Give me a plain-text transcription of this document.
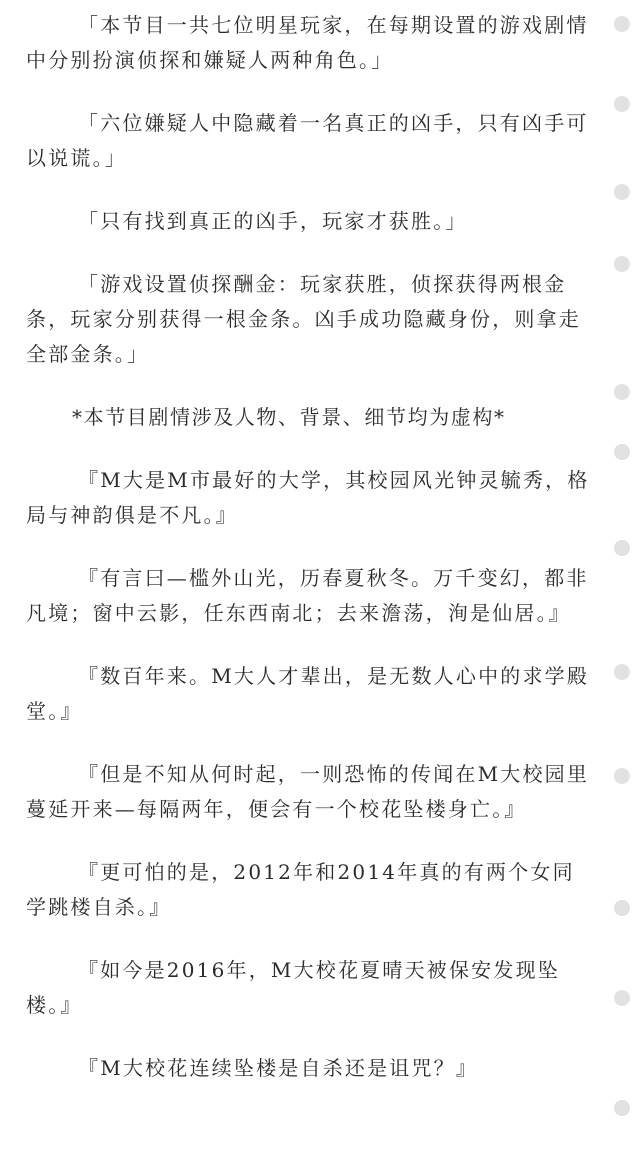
「本节目一共七位明星玩家，在每期设置的游戏剧情中分别扮演侦探和嫌疑人两种角色。」

「六位嫌疑人中隐藏着一名真正的凶手，只有凶手可以说谎。」

「只有找到真正的凶手，玩家才获胜。」

「游戏设置侦探酬金：玩家获胜，侦探获得两根金条，玩家分别获得一根金条。凶手成功隐藏身份，则拿走全部金条。」

*本节目剧情涉及人物、背景、细节均为虚构*

『M大是M市最好的大学，其校园风光钟灵毓秀，格局与神韵俱是不凡。』

『有言曰—槛外山光，历春夏秋冬。万千变幻，都非凡境；窗中云影，任东西南北；去来澹荡，洵是仙居。』

『数百年来。M大人才辈出，是无数人心中的求学殿堂。』

『但是不知从何时起，一则恐怖的传闻在M大校园里蔓延开来—每隔两年，便会有一个校花坠楼身亡。』

『更可怕的是，2012年和2014年真的有两个女同学跳楼自杀。』

『如今是2016年，M大校花夏晴天被保安发现坠楼。』

『M大校花连续坠楼是自杀还是诅咒？』
